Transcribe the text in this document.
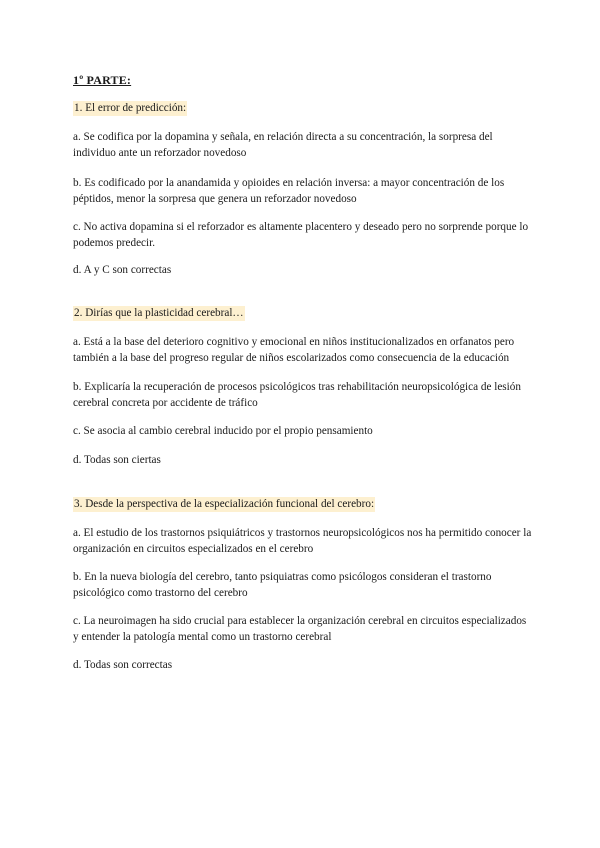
1º PARTE:
1. El error de predicción:
a. Se codifica por la dopamina y señala, en relación directa a su concentración, la sorpresa del individuo ante un reforzador novedoso
b. Es codificado por la anandamida y opioides en relación inversa: a mayor concentración de los péptidos, menor la sorpresa que genera un reforzador novedoso
c. No activa dopamina si el reforzador es altamente placentero y deseado pero no sorprende porque lo podemos predecir.
d. A y C son correctas
2. Dirías que la plasticidad cerebral…
a. Está a la base del deterioro cognitivo y emocional en niños institucionalizados en orfanatos pero también a la base del progreso regular de niños escolarizados como consecuencia de la educación
b. Explicaría la recuperación de procesos psicológicos tras rehabilitación neuropsicológica de lesión cerebral concreta por accidente de tráfico
c. Se asocia al cambio cerebral inducido por el propio pensamiento
d. Todas son ciertas
3. Desde la perspectiva de la especialización funcional del cerebro:
a. El estudio de los trastornos psiquiátricos y trastornos neuropsicológicos nos ha permitido conocer la organización en circuitos especializados en el cerebro
b. En la nueva biología del cerebro, tanto psiquiatras como psicólogos consideran el trastorno psicológico como trastorno del cerebro
c. La neuroimagen ha sido crucial para establecer la organización cerebral en circuitos especializados y entender la patología mental como un trastorno cerebral
d. Todas son correctas
